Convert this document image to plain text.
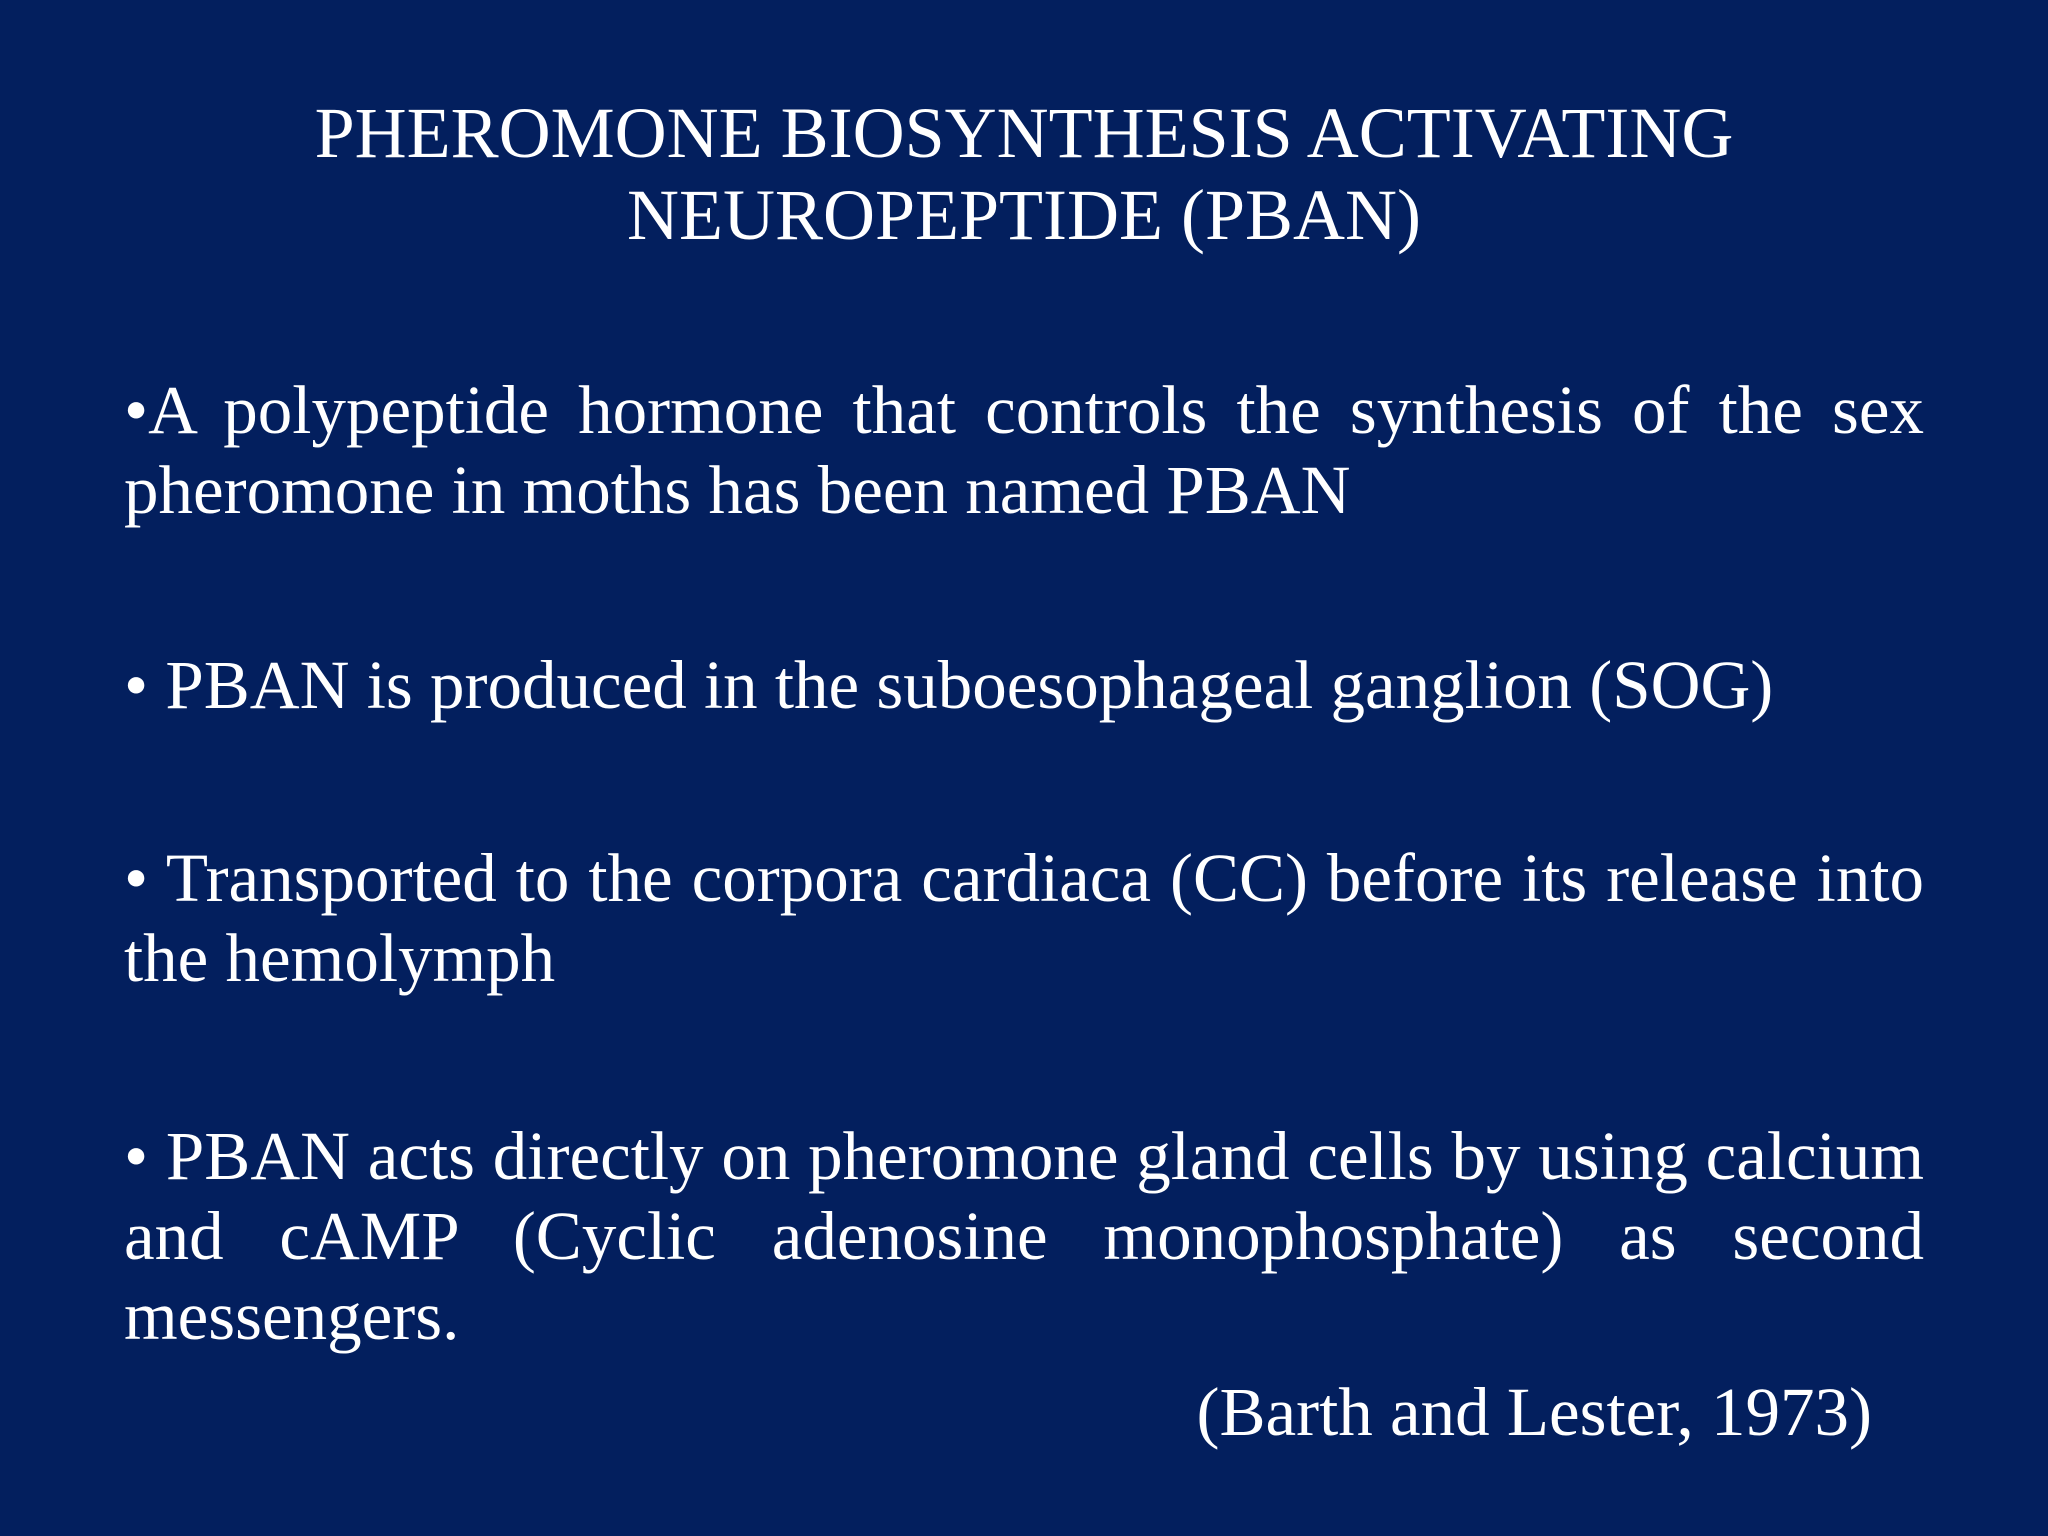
PHEROMONE BIOSYNTHESIS ACTIVATING
NEUROPEPTIDE (PBAN)
•A polypeptide hormone that controls the synthesis of the sex pheromone in moths has been named PBAN
• PBAN is produced in the suboesophageal ganglion (SOG)
• Transported to the corpora cardiaca (CC) before its release into the hemolymph
• PBAN acts directly on pheromone gland cells by using calcium and cAMP (Cyclic adenosine monophosphate) as second messengers.
(Barth and Lester, 1973)
